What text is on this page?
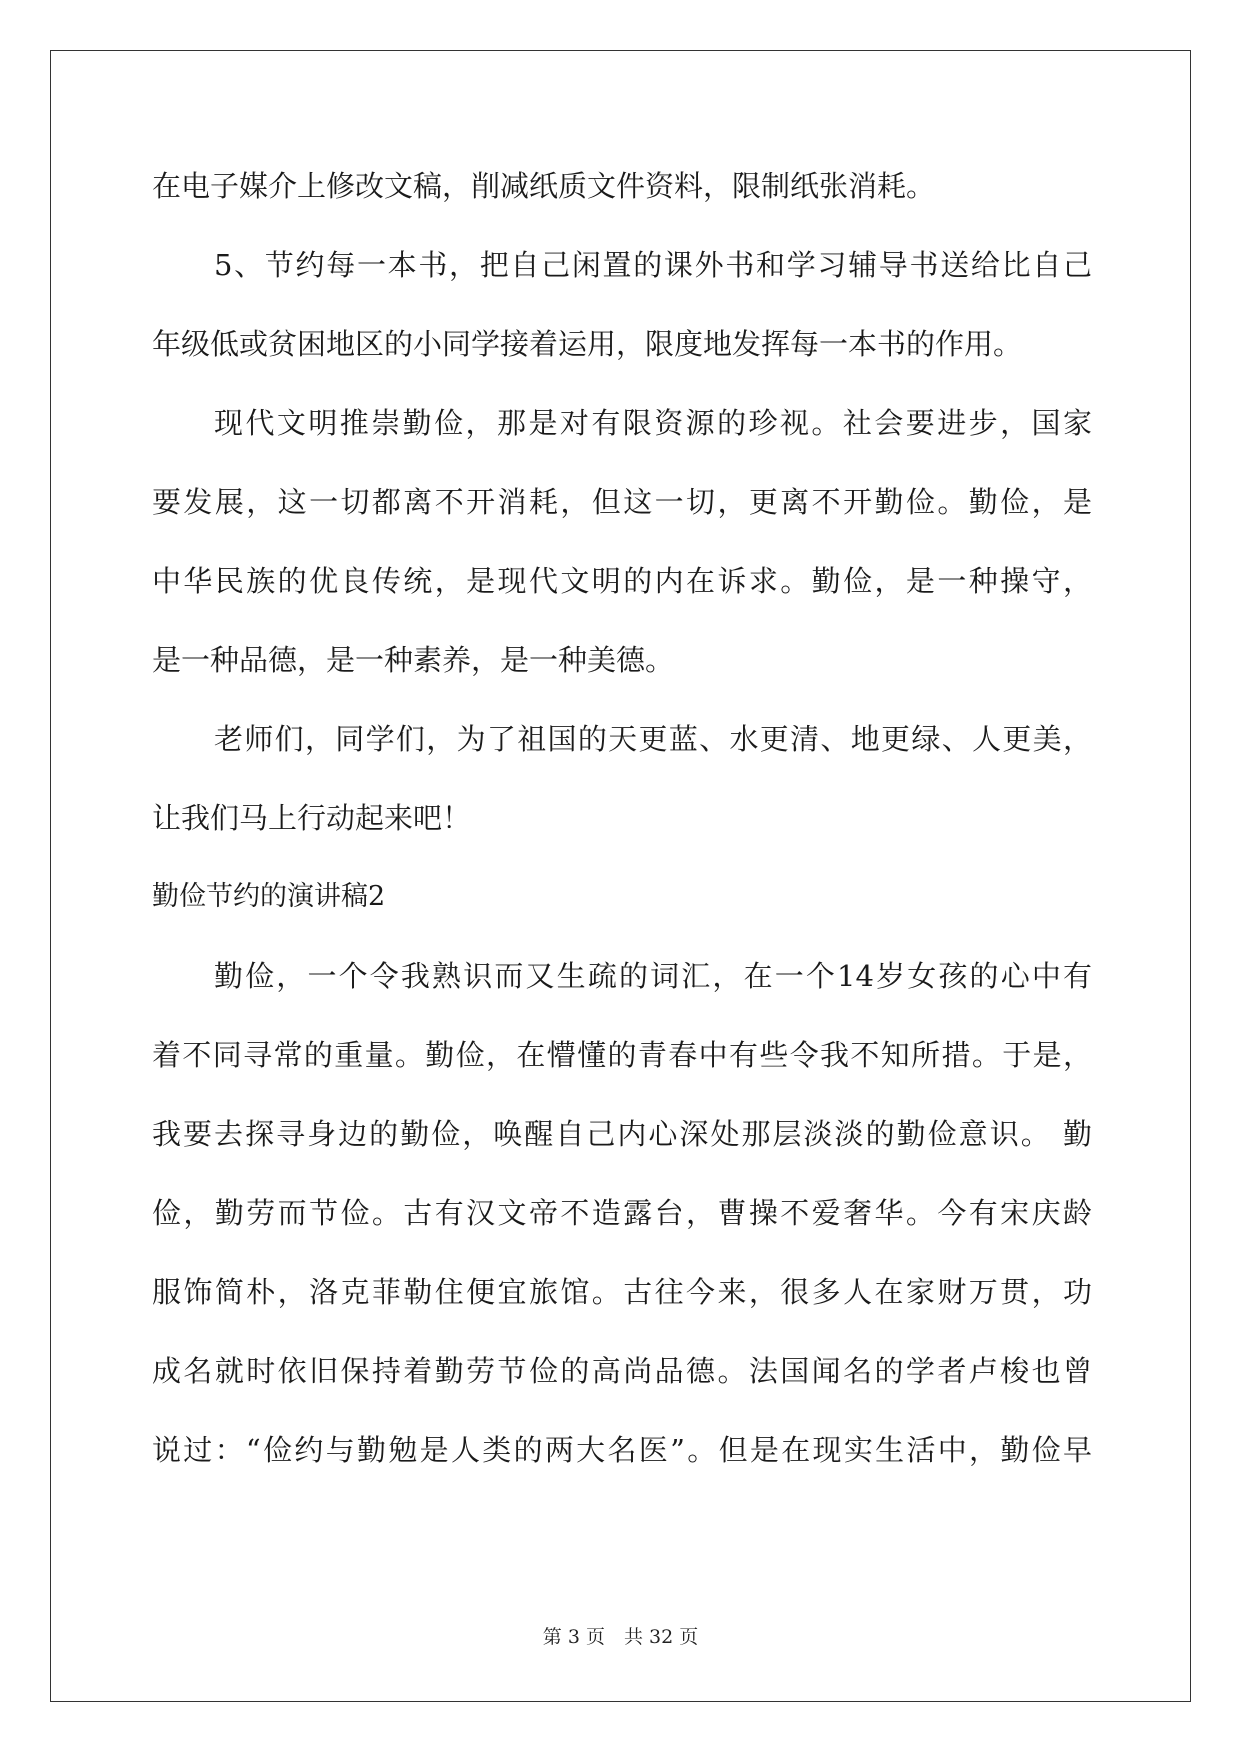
在电子媒介上修改文稿，削减纸质文件资料，限制纸张消耗。
5、节约每一本书，把自己闲置的课外书和学习辅导书送给比自己
年级低或贫困地区的小同学接着运用，限度地发挥每一本书的作用。
现代文明推崇勤俭，那是对有限资源的珍视。社会要进步，国家
要发展，这一切都离不开消耗，但这一切，更离不开勤俭。勤俭，是
中华民族的优良传统，是现代文明的内在诉求。勤俭，是一种操守，
是一种品德，是一种素养，是一种美德。
老师们，同学们，为了祖国的天更蓝、水更清、地更绿、人更美，
让我们马上行动起来吧！
勤俭节约的演讲稿2
勤俭，一个令我熟识而又生疏的词汇，在一个14岁女孩的心中有
着不同寻常的重量。勤俭，在懵懂的青春中有些令我不知所措。于是，
我要去探寻身边的勤俭，唤醒自己内心深处那层淡淡的勤俭意识。 勤
俭，勤劳而节俭。古有汉文帝不造露台，曹操不爱奢华。今有宋庆龄
服饰简朴，洛克菲勒住便宜旅馆。古往今来，很多人在家财万贯，功
成名就时依旧保持着勤劳节俭的高尚品德。法国闻名的学者卢梭也曾
说过：“俭约与勤勉是人类的两大名医”。但是在现实生活中，勤俭早
第 3 页　共 32 页
